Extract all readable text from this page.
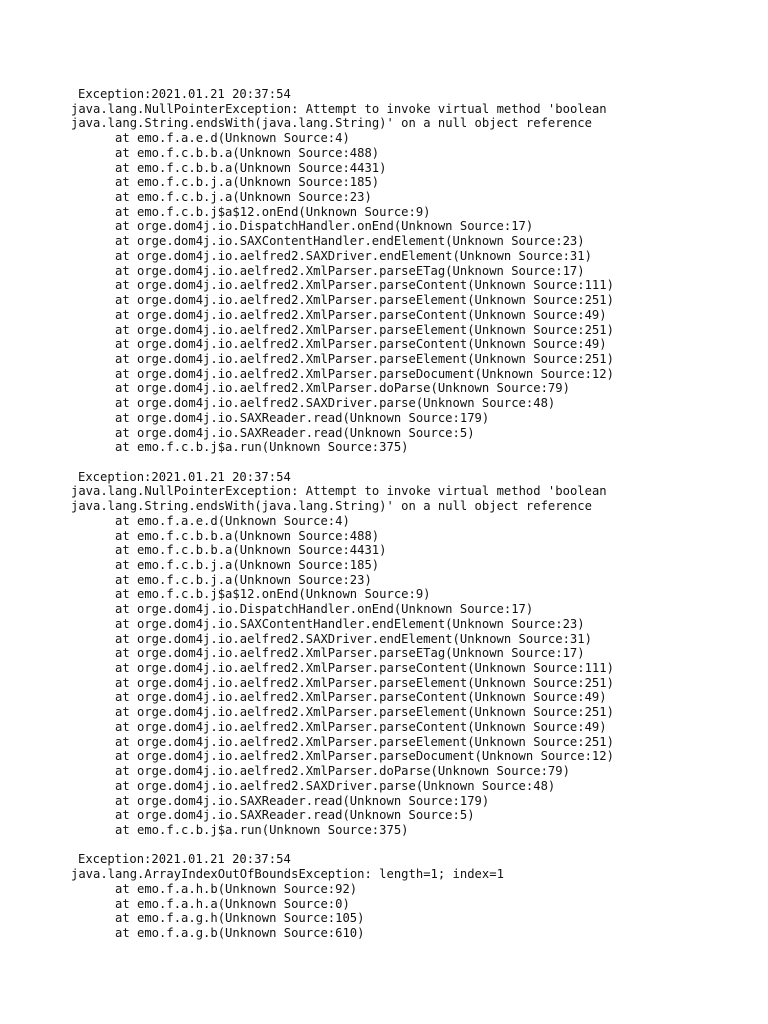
Exception:2021.01.21 20:37:54
java.lang.NullPointerException: Attempt to invoke virtual method 'boolean
java.lang.String.endsWith(java.lang.String)' on a null object reference
at emo.f.a.e.d(Unknown Source:4)
at emo.f.c.b.b.a(Unknown Source:488)
at emo.f.c.b.b.a(Unknown Source:4431)
at emo.f.c.b.j.a(Unknown Source:185)
at emo.f.c.b.j.a(Unknown Source:23)
at emo.f.c.b.j$a$12.onEnd(Unknown Source:9)
at orge.dom4j.io.DispatchHandler.onEnd(Unknown Source:17)
at orge.dom4j.io.SAXContentHandler.endElement(Unknown Source:23)
at orge.dom4j.io.aelfred2.SAXDriver.endElement(Unknown Source:31)
at orge.dom4j.io.aelfred2.XmlParser.parseETag(Unknown Source:17)
at orge.dom4j.io.aelfred2.XmlParser.parseContent(Unknown Source:111)
at orge.dom4j.io.aelfred2.XmlParser.parseElement(Unknown Source:251)
at orge.dom4j.io.aelfred2.XmlParser.parseContent(Unknown Source:49)
at orge.dom4j.io.aelfred2.XmlParser.parseElement(Unknown Source:251)
at orge.dom4j.io.aelfred2.XmlParser.parseContent(Unknown Source:49)
at orge.dom4j.io.aelfred2.XmlParser.parseElement(Unknown Source:251)
at orge.dom4j.io.aelfred2.XmlParser.parseDocument(Unknown Source:12)
at orge.dom4j.io.aelfred2.XmlParser.doParse(Unknown Source:79)
at orge.dom4j.io.aelfred2.SAXDriver.parse(Unknown Source:48)
at orge.dom4j.io.SAXReader.read(Unknown Source:179)
at orge.dom4j.io.SAXReader.read(Unknown Source:5)
at emo.f.c.b.j$a.run(Unknown Source:375)
Exception:2021.01.21 20:37:54
java.lang.NullPointerException: Attempt to invoke virtual method 'boolean
java.lang.String.endsWith(java.lang.String)' on a null object reference
at emo.f.a.e.d(Unknown Source:4)
at emo.f.c.b.b.a(Unknown Source:488)
at emo.f.c.b.b.a(Unknown Source:4431)
at emo.f.c.b.j.a(Unknown Source:185)
at emo.f.c.b.j.a(Unknown Source:23)
at emo.f.c.b.j$a$12.onEnd(Unknown Source:9)
at orge.dom4j.io.DispatchHandler.onEnd(Unknown Source:17)
at orge.dom4j.io.SAXContentHandler.endElement(Unknown Source:23)
at orge.dom4j.io.aelfred2.SAXDriver.endElement(Unknown Source:31)
at orge.dom4j.io.aelfred2.XmlParser.parseETag(Unknown Source:17)
at orge.dom4j.io.aelfred2.XmlParser.parseContent(Unknown Source:111)
at orge.dom4j.io.aelfred2.XmlParser.parseElement(Unknown Source:251)
at orge.dom4j.io.aelfred2.XmlParser.parseContent(Unknown Source:49)
at orge.dom4j.io.aelfred2.XmlParser.parseElement(Unknown Source:251)
at orge.dom4j.io.aelfred2.XmlParser.parseContent(Unknown Source:49)
at orge.dom4j.io.aelfred2.XmlParser.parseElement(Unknown Source:251)
at orge.dom4j.io.aelfred2.XmlParser.parseDocument(Unknown Source:12)
at orge.dom4j.io.aelfred2.XmlParser.doParse(Unknown Source:79)
at orge.dom4j.io.aelfred2.SAXDriver.parse(Unknown Source:48)
at orge.dom4j.io.SAXReader.read(Unknown Source:179)
at orge.dom4j.io.SAXReader.read(Unknown Source:5)
at emo.f.c.b.j$a.run(Unknown Source:375)
Exception:2021.01.21 20:37:54
java.lang.ArrayIndexOutOfBoundsException: length=1; index=1
at emo.f.a.h.b(Unknown Source:92)
at emo.f.a.h.a(Unknown Source:0)
at emo.f.a.g.h(Unknown Source:105)
at emo.f.a.g.b(Unknown Source:610)
